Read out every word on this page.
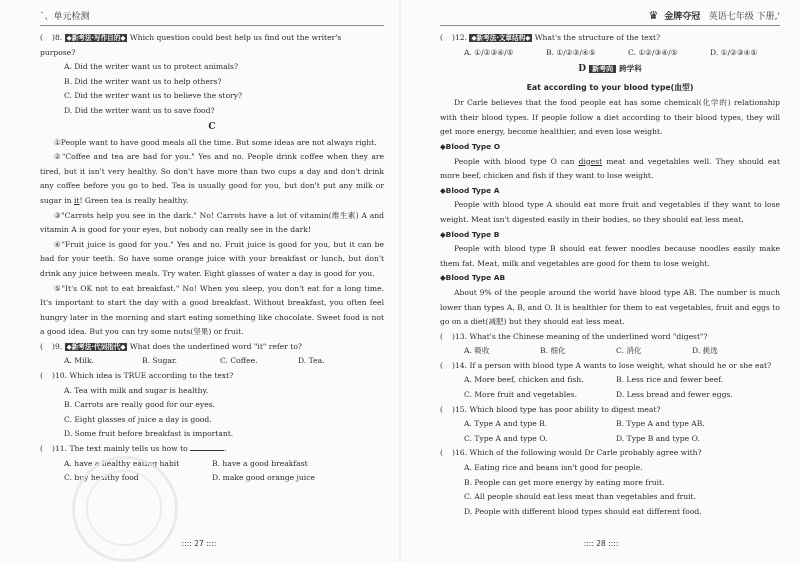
`、单元检测

( )8. ◆新考法·写作目的◆ Which question could best help us find out the writer's

purpose?

A. Did the writer want us to protect animals?

B. Did the writer want us to help others?

C. Did the writer want us to believe the story?

D. Did the writer want us to save food?

C

①People want to have good meals all the time. But some ideas are not always right.

②"Coffee and tea are bad for you." Yes and no. People drink coffee when they are tired, but it isn't very healthy. So don't have more than two cups a day and don't drink any coffee before you go to bed. Tea is usually good for you, but don't put any milk or sugar in it! Green tea is really healthy.

③"Carrots help you see in the dark." No! Carrots have a lot of vitamin(维生素) A and vitamin A is good for your eyes, but nobody can really see in the dark!

④"Fruit juice is good for you." Yes and no. Fruit juice is good for you, but it can be bad for your teeth. So have some orange juice with your breakfast or lunch, but don't drink any juice between meals. Try water. Eight glasses of water a day is good for you.

⑤"It's OK not to eat breakfast." No! When you sleep, you don't eat for a long time. It's important to start the day with a good breakfast. Without breakfast, you often feel hungry later in the morning and start eating something like chocolate. Sweet food is not a good idea. But you can try some nuts(坚果) or fruit.

( )9. ◆新考法·代词指代◆ What does the underlined word "it" refer to?

A. Milk.	B. Sugar.	C. Coffee.	D. Tea.

( )10. Which idea is TRUE according to the text?

A. Tea with milk and sugar is healthy.

B. Carrots are really good for our eyes.

C. Eight glasses of juice a day is good.

D. Some fruit before breakfast is important.

( )11. The text mainly tells us how to	.

A. have a healthy eating habit	B. have a good breakfast
C. buy healthy food	D. make good orange juice
:::: 27 ::::
♛ 金牌夺冠 英语七年级 下册,'

( )12. ◆新考法·文章结构◆ What's the structure of the text?

A. ①/②③④/⑤	B. ①/②③/④⑤	C. ①②/③④/⑤	D. ①/②③④⑤

D 新考向 跨学科

Eat according to your blood type(血型)

Dr Carle believes that the food people eat has some chemical(化学的) relationship with their blood types. If people follow a diet according to their blood types, they will get more energy, become healthier, and even lose weight.

◆Blood Type O

People with blood type O can digest meat and vegetables well. They should eat more beef, chicken and fish if they want to lose weight.

◆Blood Type A

People with blood type A should eat more fruit and vegetables if they want to lose weight. Meat isn't digested easily in their bodies, so they should eat less meat.

◆Blood Type B

People with blood type B should eat fewer noodles because noodles easily make them fat. Meat, milk and vegetables are good for them to lose weight.

◆Blood Type AB

About 9% of the people around the world have blood type AB. The number is much lower than types A, B, and O. It is healthier for them to eat vegetables, fruit and eggs to go on a diet(减肥) but they should eat less meat.

( )13. What's the Chinese meaning of the underlined word "digest"?

A. 吸收	B. 细化	C. 消化	D. 挑选

( )14. If a person with blood type A wants to lose weight, what should he or she eat?

A. More beef, chicken and fish.	B. Less rice and fewer beef.
C. More fruit and vegetables.	D. Less bread and fewer eggs.

( )15. Which blood type has poor ability to digest meat?

A. Type A and type B.	B. Type A and type AB.
C. Type A and type O.	D. Type B and type O.

( )16. Which of the following would Dr Carle probably agree with?

A. Eating rice and beans isn't good for people.

B. People can get more energy by eating more fruit.

C. All people should eat less meat than vegetables and fruit.

D. People with different blood types should eat different food.

:::: 28 ::::
